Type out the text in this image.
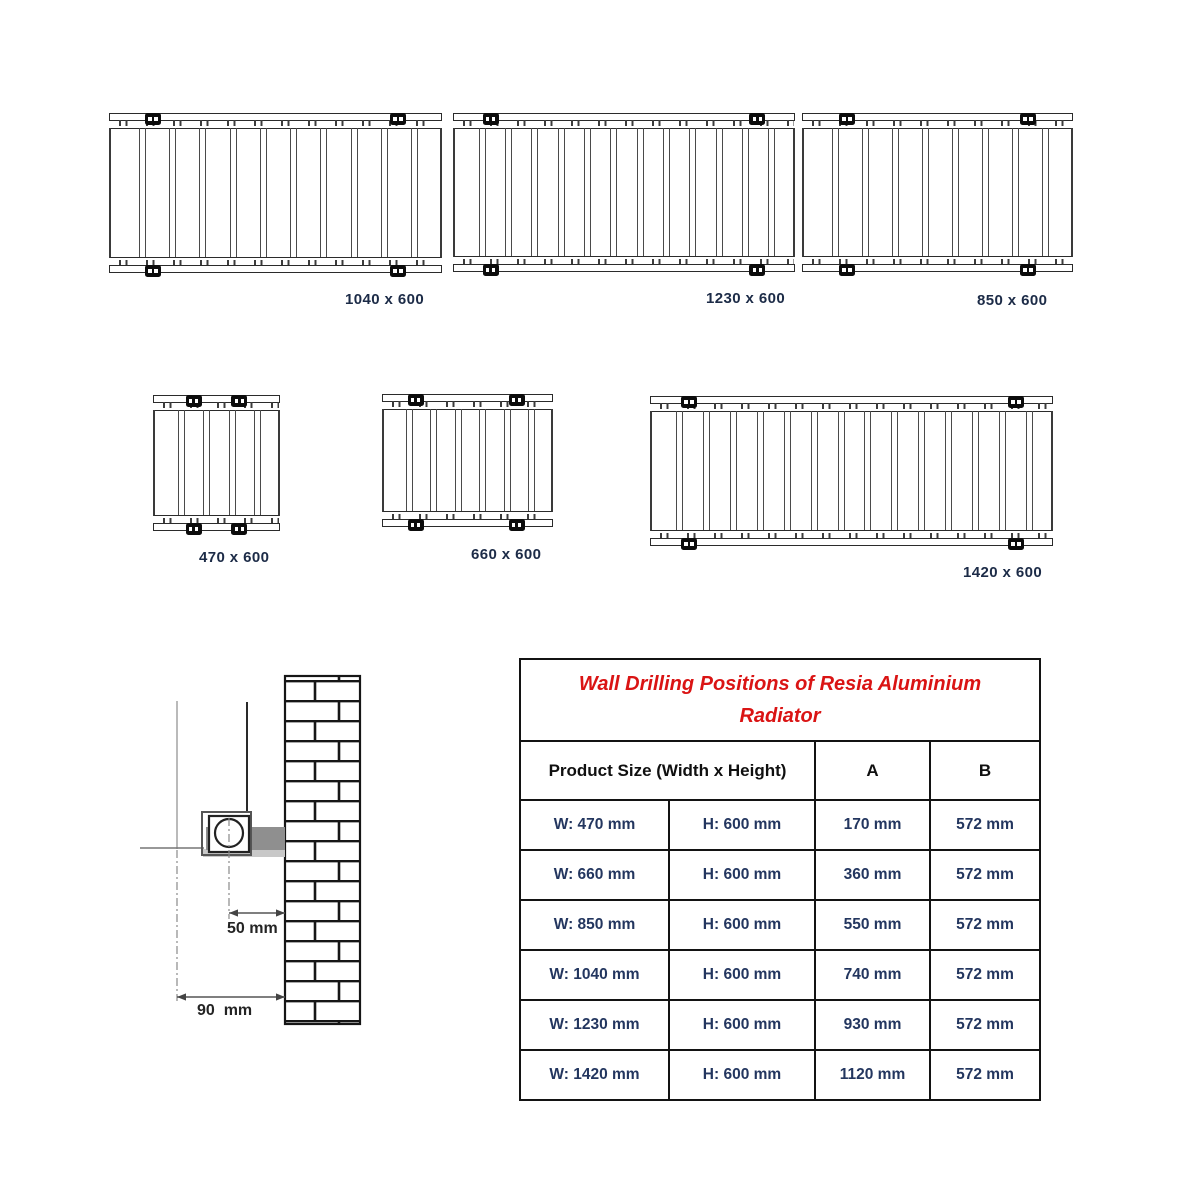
50 mm
90  mm
Wall Drilling Positions of Resia Aluminium
Radiator
Product Size (Width x Height)	A	B
W: 470 mm	H: 600 mm	170 mm	572 mm
W: 660 mm	H: 600 mm	360 mm	572 mm
W: 850 mm	H: 600 mm	550 mm	572 mm
W: 1040 mm	H: 600 mm	740 mm	572 mm
W: 1230 mm	H: 600 mm	930 mm	572 mm
W: 1420 mm	H: 600 mm	1120 mm	572 mm
1040 x 600	1230 x 600	850 x 600
470 x 600	660 x 600
1420 x 600
